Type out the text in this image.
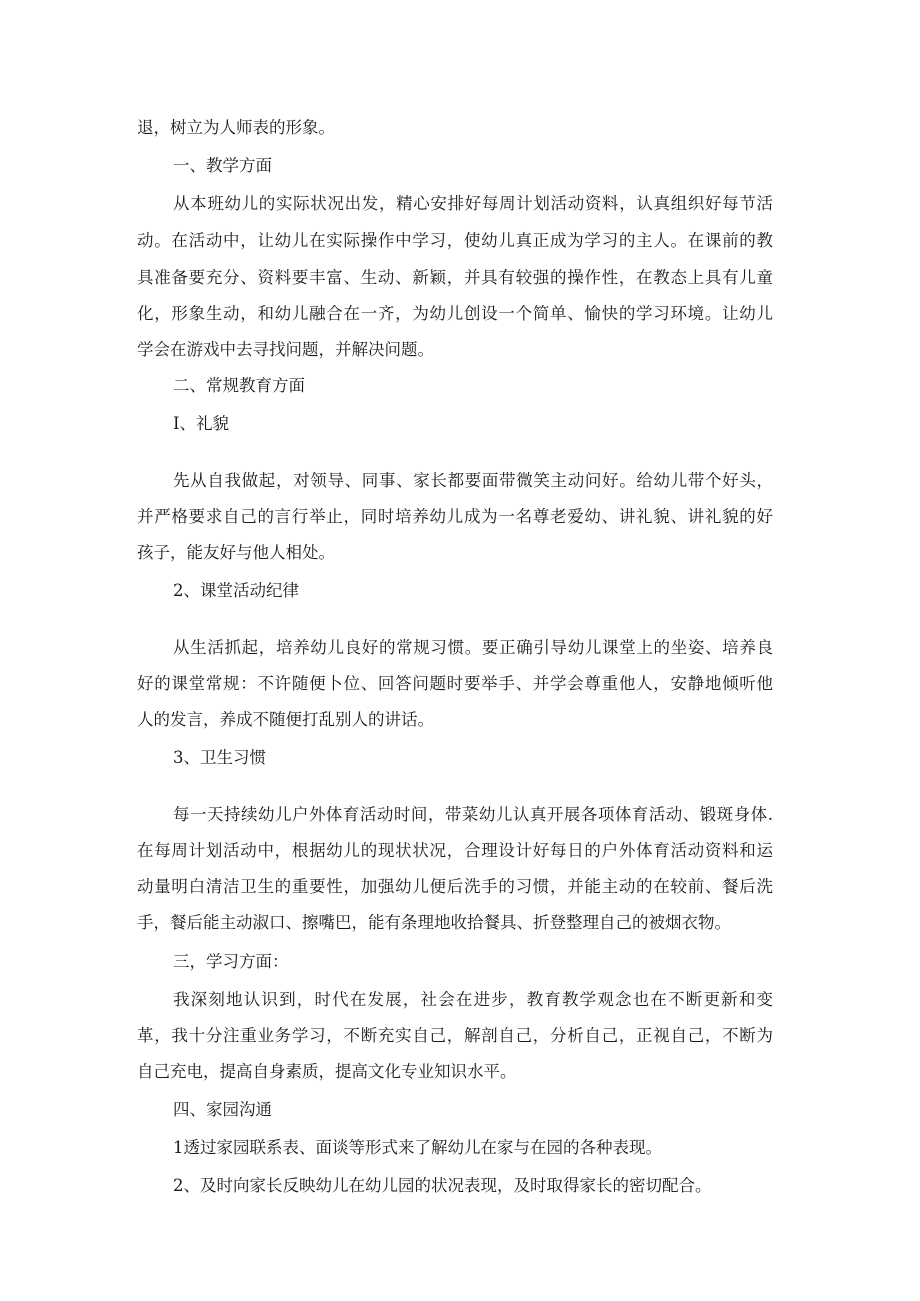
退，树立为人师表的形象。

一、教学方面

从本班幼儿的实际状况出发，精心安排好每周计划活动资料，认真组织好每节活

动。在活动中，让幼儿在实际操作中学习，使幼儿真正成为学习的主人。在课前的教

具准备要充分、资料要丰富、生动、新颖，并具有较强的操作性，在教态上具有儿童

化，形象生动，和幼儿融合在一齐，为幼儿创设一个简单、愉快的学习环境。让幼儿

学会在游戏中去寻找问题，并解决问题。

二、常规教育方面

I、礼貌

先从自我做起，对领导、同事、家长都要面带微笑主动问好。给幼儿带个好头，

并严格要求自己的言行举止，同时培养幼儿成为一名尊老爱幼、讲礼貌、讲礼貌的好

孩子，能友好与他人相处。

2、课堂活动纪律

从生活抓起，培养幼儿良好的常规习惯。要正确引导幼儿课堂上的坐姿、培养良

好的课堂常规：不许随便卜位、回答问题时要举手、并学会尊重他人，安静地倾听他

人的发言，养成不随便打乱别人的讲话。

3、卫生习惯

每一天持续幼儿户外体育活动时间，带菜幼儿认真开展各项体育活动、锻斑身体.

在每周计划活动中，根据幼儿的现状状况，合理设计好每日的户外体育活动资料和运

动量明白清洁卫生的重要性，加强幼儿便后洗手的习惯，并能主动的在较前、餐后洗

手，餐后能主动淑口、擦嘴巴，能有条理地收拾餐具、折登整理自己的被烟衣物。

三，学习方面：

我深刻地认识到，时代在发展，社会在进步，教育教学观念也在不断更新和变

革，我十分注重业务学习，不断充实自己，解剖自己，分析自己，正视自己，不断为

自己充电，提高自身素质，提高文化专业知识水平。

四、家园沟通

1透过家园联系表、面谈等形式来了解幼儿在家与在园的各种表现。

2、及时向家长反映幼儿在幼儿园的状况表现，及时取得家长的密切配合。
